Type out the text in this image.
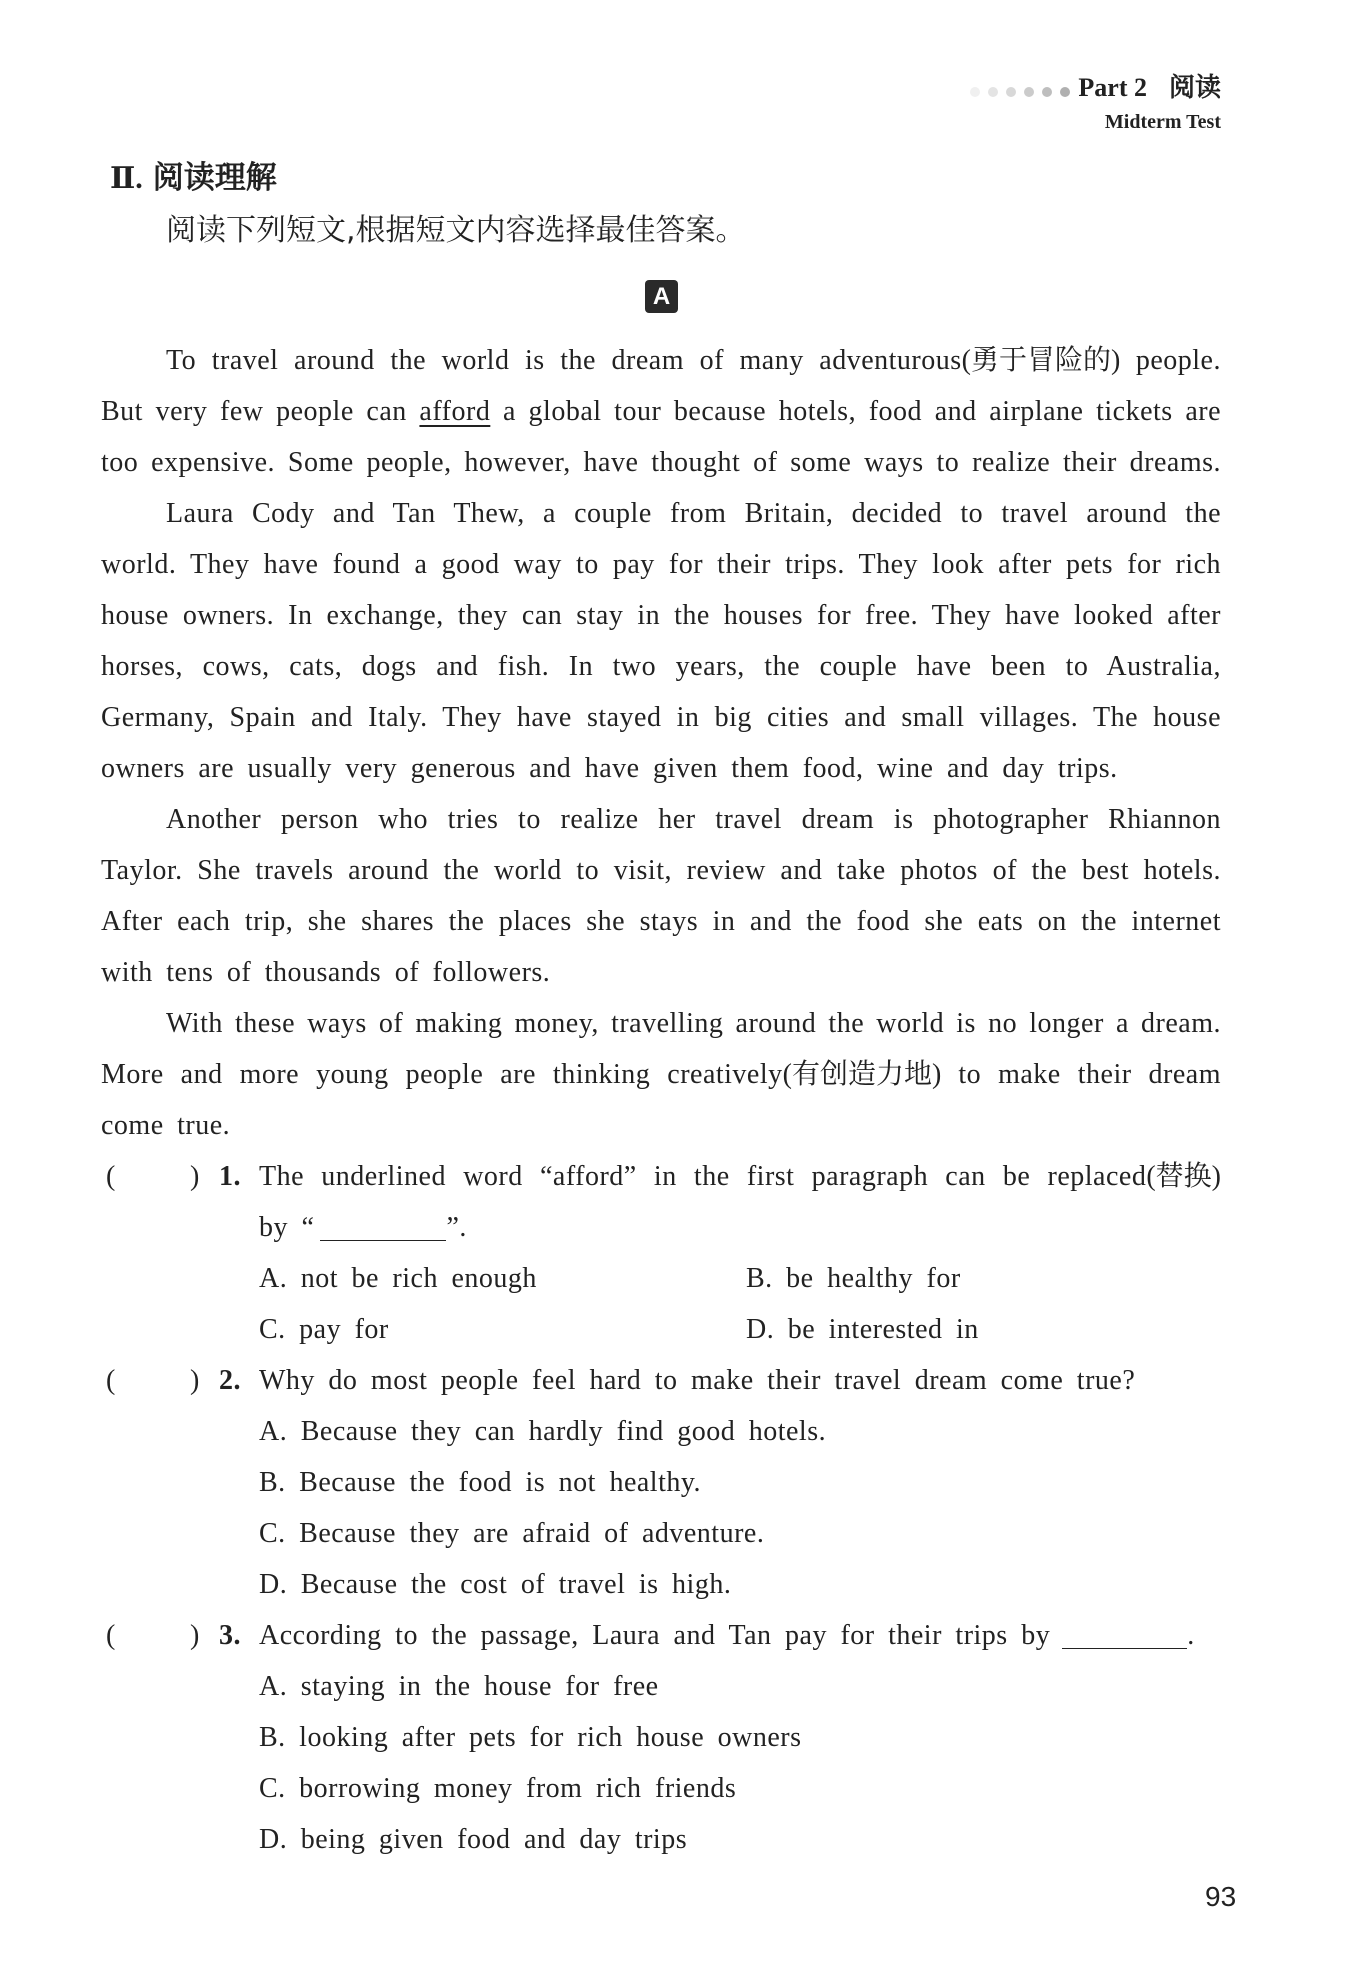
Part 2 阅读
Midterm Test
Ⅱ. 阅读理解
阅读下列短文,根据短文内容选择最佳答案。
A
To travel around the world is the dream of many adventurous(勇于冒险的) people.
But very few people can afford a global tour because hotels, food and airplane tickets are
too expensive. Some people, however, have thought of some ways to realize their dreams.
Laura Cody and Tan Thew, a couple from Britain, decided to travel around the
world. They have found a good way to pay for their trips. They look after pets for rich
house owners. In exchange, they can stay in the houses for free. They have looked after
horses, cows, cats, dogs and fish. In two years, the couple have been to Australia,
Germany, Spain and Italy. They have stayed in big cities and small villages. The house
owners are usually very generous and have given them food, wine and day trips.
Another person who tries to realize her travel dream is photographer Rhiannon
Taylor. She travels around the world to visit, review and take photos of the best hotels.
After each trip, she shares the places she stays in and the food she eats on the internet
with tens of thousands of followers.
With these ways of making money, travelling around the world is no longer a dream.
More and more young people are thinking creatively(有创造力地) to make their dream
come true.
(	) 1. The underlined word “afford” in the first paragraph can be replaced(替换)
by “	”.
A. not be rich enough	B. be healthy for
C. pay for	D. be interested in
(	) 2. Why do most people feel hard to make their travel dream come true?
A. Because they can hardly find good hotels.
B. Because the food is not healthy.
C. Because they are afraid of adventure.
D. Because the cost of travel is high.
(	) 3. According to the passage, Laura and Tan pay for their trips by	.
A. staying in the house for free
B. looking after pets for rich house owners
C. borrowing money from rich friends
D. being given food and day trips
93
